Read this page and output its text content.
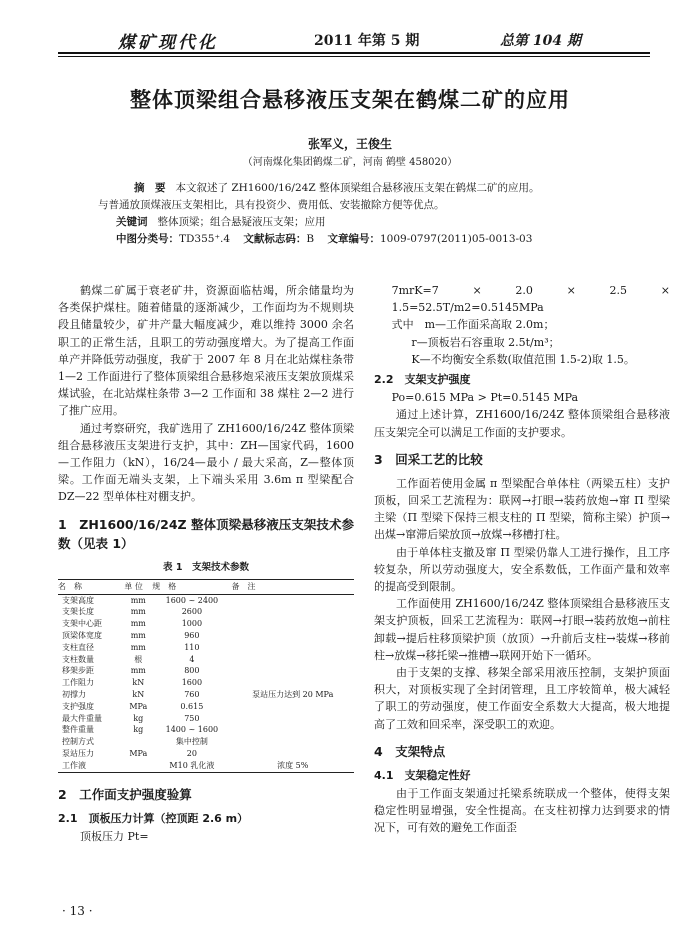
煤矿现代化	2011 年第 5 期	总第 104 期
整体顶梁组合悬移液压支架在鹤煤二矿的应用
张军义，王俊生
（河南煤化集团鹤煤二矿，河南 鹤壁 458020）
摘　要 本文叙述了 ZH1600/16/24Z 整体顶梁组合悬移液压支架在鹤煤二矿的应用。
与普通放顶煤液压支架相比，具有投资少、费用低、安装撤除方便等优点。
关键词 整体顶梁；组合悬疑液压支架；应用
中图分类号：TD355⁺.4 文献标志码：B 文章编号：1009-0797(2011)05-0013-03

鹤煤二矿属于衰老矿井，资源面临枯竭，所余储量均为各类保护煤柱。随着储量的逐渐减少，工作面均为不规则块段且储量较少，矿井产量大幅度减少，难以维持 3000 余名职工的正常生活，且职工的劳动强度增大。为了提高工作面单产并降低劳动强度，我矿于 2007 年 8 月在北站煤柱条带 1—2 工作面进行了整体顶梁组合悬移炮采液压支架放顶煤采煤试验，在北站煤柱条带 3—2 工作面和 38 煤柱 2—2 进行了推广应用。

通过考察研究，我矿选用了 ZH1600/16/24Z 整体顶梁组合悬移液压支架进行支护，其中：ZH—国家代码，1600—工作阻力（kN），16/24—最小 / 最大采高，Z—整体顶梁。工作面无端头支架，上下端头采用 3.6m π 型梁配合 DZ—22 型单体柱对棚支护。

1　ZH1600/16/24Z 整体顶梁悬移液压支架技术参数（见表 1）
表 1　支架技术参数
名　称	单 位	规　格	备　注
支架高度	mm	1600 ~ 2400	
支架长度	mm	2600	
支架中心距	mm	1000	
顶梁体宽度	mm	960	
支柱直径	mm	110	
支柱数量	根	4	
移架步距	mm	800	
工作阻力	kN	1600	
初撑力	kN	760	泵站压力达到 20 MPa
支护强度	MPa	0.615	
最大件重量	kg	750	
整件重量	kg	1400 ~ 1600	
控制方式		集中控制	
泵站压力	MPa	20	
工作液		M10 乳化液	浓度 5%
2　工作面支护强度验算
2.1　顶板压力计算（控顶距 2.6 m）

顶板压力 Pt=

7mrK=7 × 2.0 × 2.5 × 1.5=52.5T/m2=0.5145MPa

式中　m—工作面采高取 2.0m；

r—顶板岩石容重取 2.5t/m³；

K—不均衡安全系数(取值范围 1.5-2)取 1.5。

2.2　支架支护强度

Po=0.615 MPa > Pt=0.5145 MPa

通过上述计算，ZH1600/16/24Z 整体顶梁组合悬移液压支架完全可以满足工作面的支护要求。

3　回采工艺的比较

工作面若使用金属 π 型梁配合单体柱（两梁五柱）支护顶板，回采工艺流程为：联网→打眼→装药放炮→窜 Π 型梁主梁（Π 型梁下保持三根支柱的 Π 型梁，简称主梁）护顶→出煤→窜滞后梁放顶→放煤→移槽打柱。

由于单体柱支撤及窜 Π 型梁仍靠人工进行操作，且工序较复杂，所以劳动强度大，安全系数低，工作面产量和效率的提高受到限制。

工作面使用 ZH1600/16/24Z 整体顶梁组合悬移液压支架支护顶板，回采工艺流程为：联网→打眼→装药放炮→前柱卸载→提后柱移顶梁护顶（放顶）→升前后支柱→装煤→移前柱→放煤→移托梁→推槽→联网开始下一循环。

由于支架的支撑、移架全部采用液压控制，支架护顶面积大，对顶板实现了全封闭管理，且工序较简单，极大减轻了职工的劳动强度，使工作面安全系数大大提高，极大地提高了工效和回采率，深受职工的欢迎。

4　支架特点
4.1　支架稳定性好

由于工作面支架通过托梁系统联成一个整体，使得支架稳定性明显增强，安全性提高。在支柱初撑力达到要求的情况下，可有效的避免工作面歪

· 13 ·
